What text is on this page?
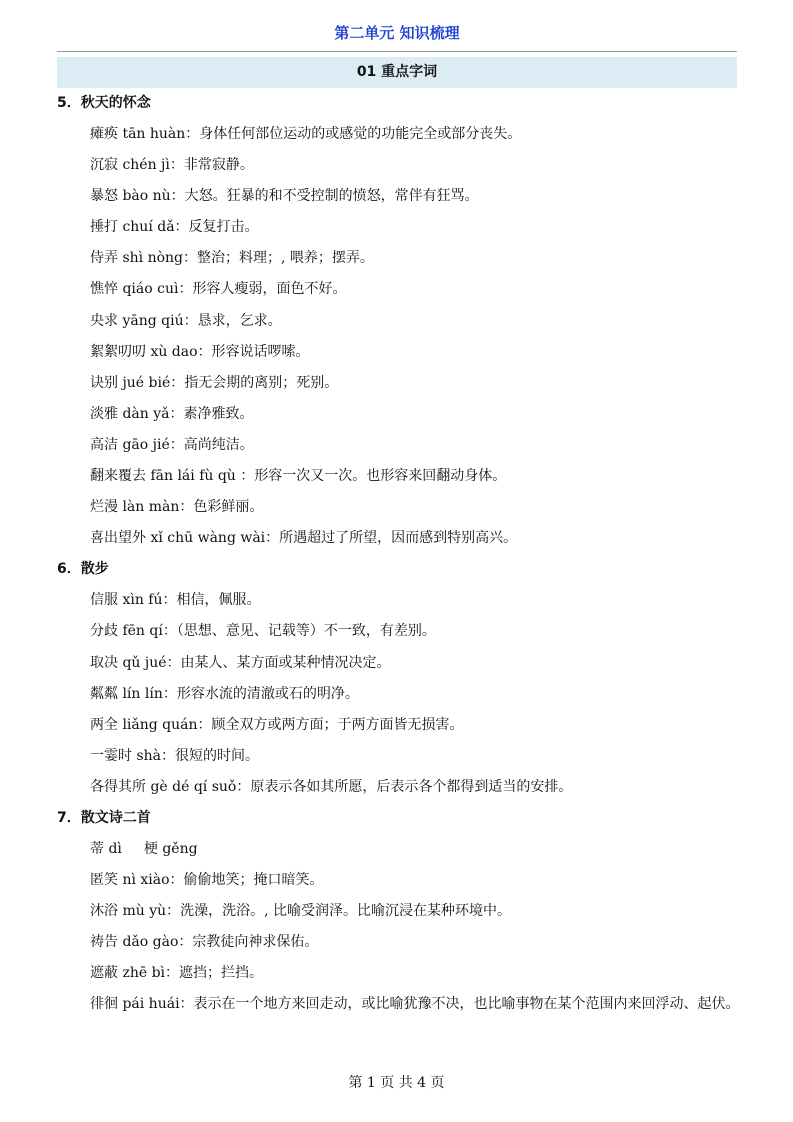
第二单元 知识梳理
01 重点字词
5．秋天的怀念
瘫痪 tān huàn：身体任何部位运动的或感觉的功能完全或部分丧失。
沉寂 chén jì：非常寂静。
暴怒 bào nù：大怒。狂暴的和不受控制的愤怒，常伴有狂骂。
捶打 chuí dǎ：反复打击。
侍弄 shì nòng：整治；料理；, 喂养；摆弄。
憔悴 qiáo cuì：形容人瘦弱，面色不好。
央求 yāng qiú：恳求，乞求。
絮絮叨叨 xù dao：形容说话啰嗦。
诀别 jué bié：指无会期的离别；死别。
淡雅 dàn yǎ：素净雅致。
高洁 gāo jié：高尚纯洁。
翻来覆去 fān lái fù qù ：形容一次又一次。也形容来回翻动身体。
烂漫 làn màn：色彩鲜丽。
喜出望外 xǐ chū wàng wài：所遇超过了所望，因而感到特别高兴。
6．散步
信服 xìn fú：相信，佩服。
分歧 fēn qí：（思想、意见、记载等）不一致，有差别。
取决 qǔ jué：由某人、某方面或某种情况决定。
粼粼 lín lín：形容水流的清澈或石的明净。
两全 liǎng quán：顾全双方或两方面；于两方面皆无损害。
一霎时 shà：很短的时间。
各得其所 gè dé qí suǒ：原表示各如其所愿，后表示各个都得到适当的安排。
7．散文诗二首
蒂 dì 梗 gěng
匿笑 nì xiào：偷偷地笑；掩口暗笑。
沐浴 mù yù：洗澡，洗浴。, 比喻受润泽。比喻沉浸在某种环境中。
祷告 dǎo gào：宗教徒向神求保佑。
遮蔽 zhē bì：遮挡；拦挡。
徘徊 pái huái：表示在一个地方来回走动，或比喻犹豫不决，也比喻事物在某个范围内来回浮动、起伏。
第 1 页 共 4 页
